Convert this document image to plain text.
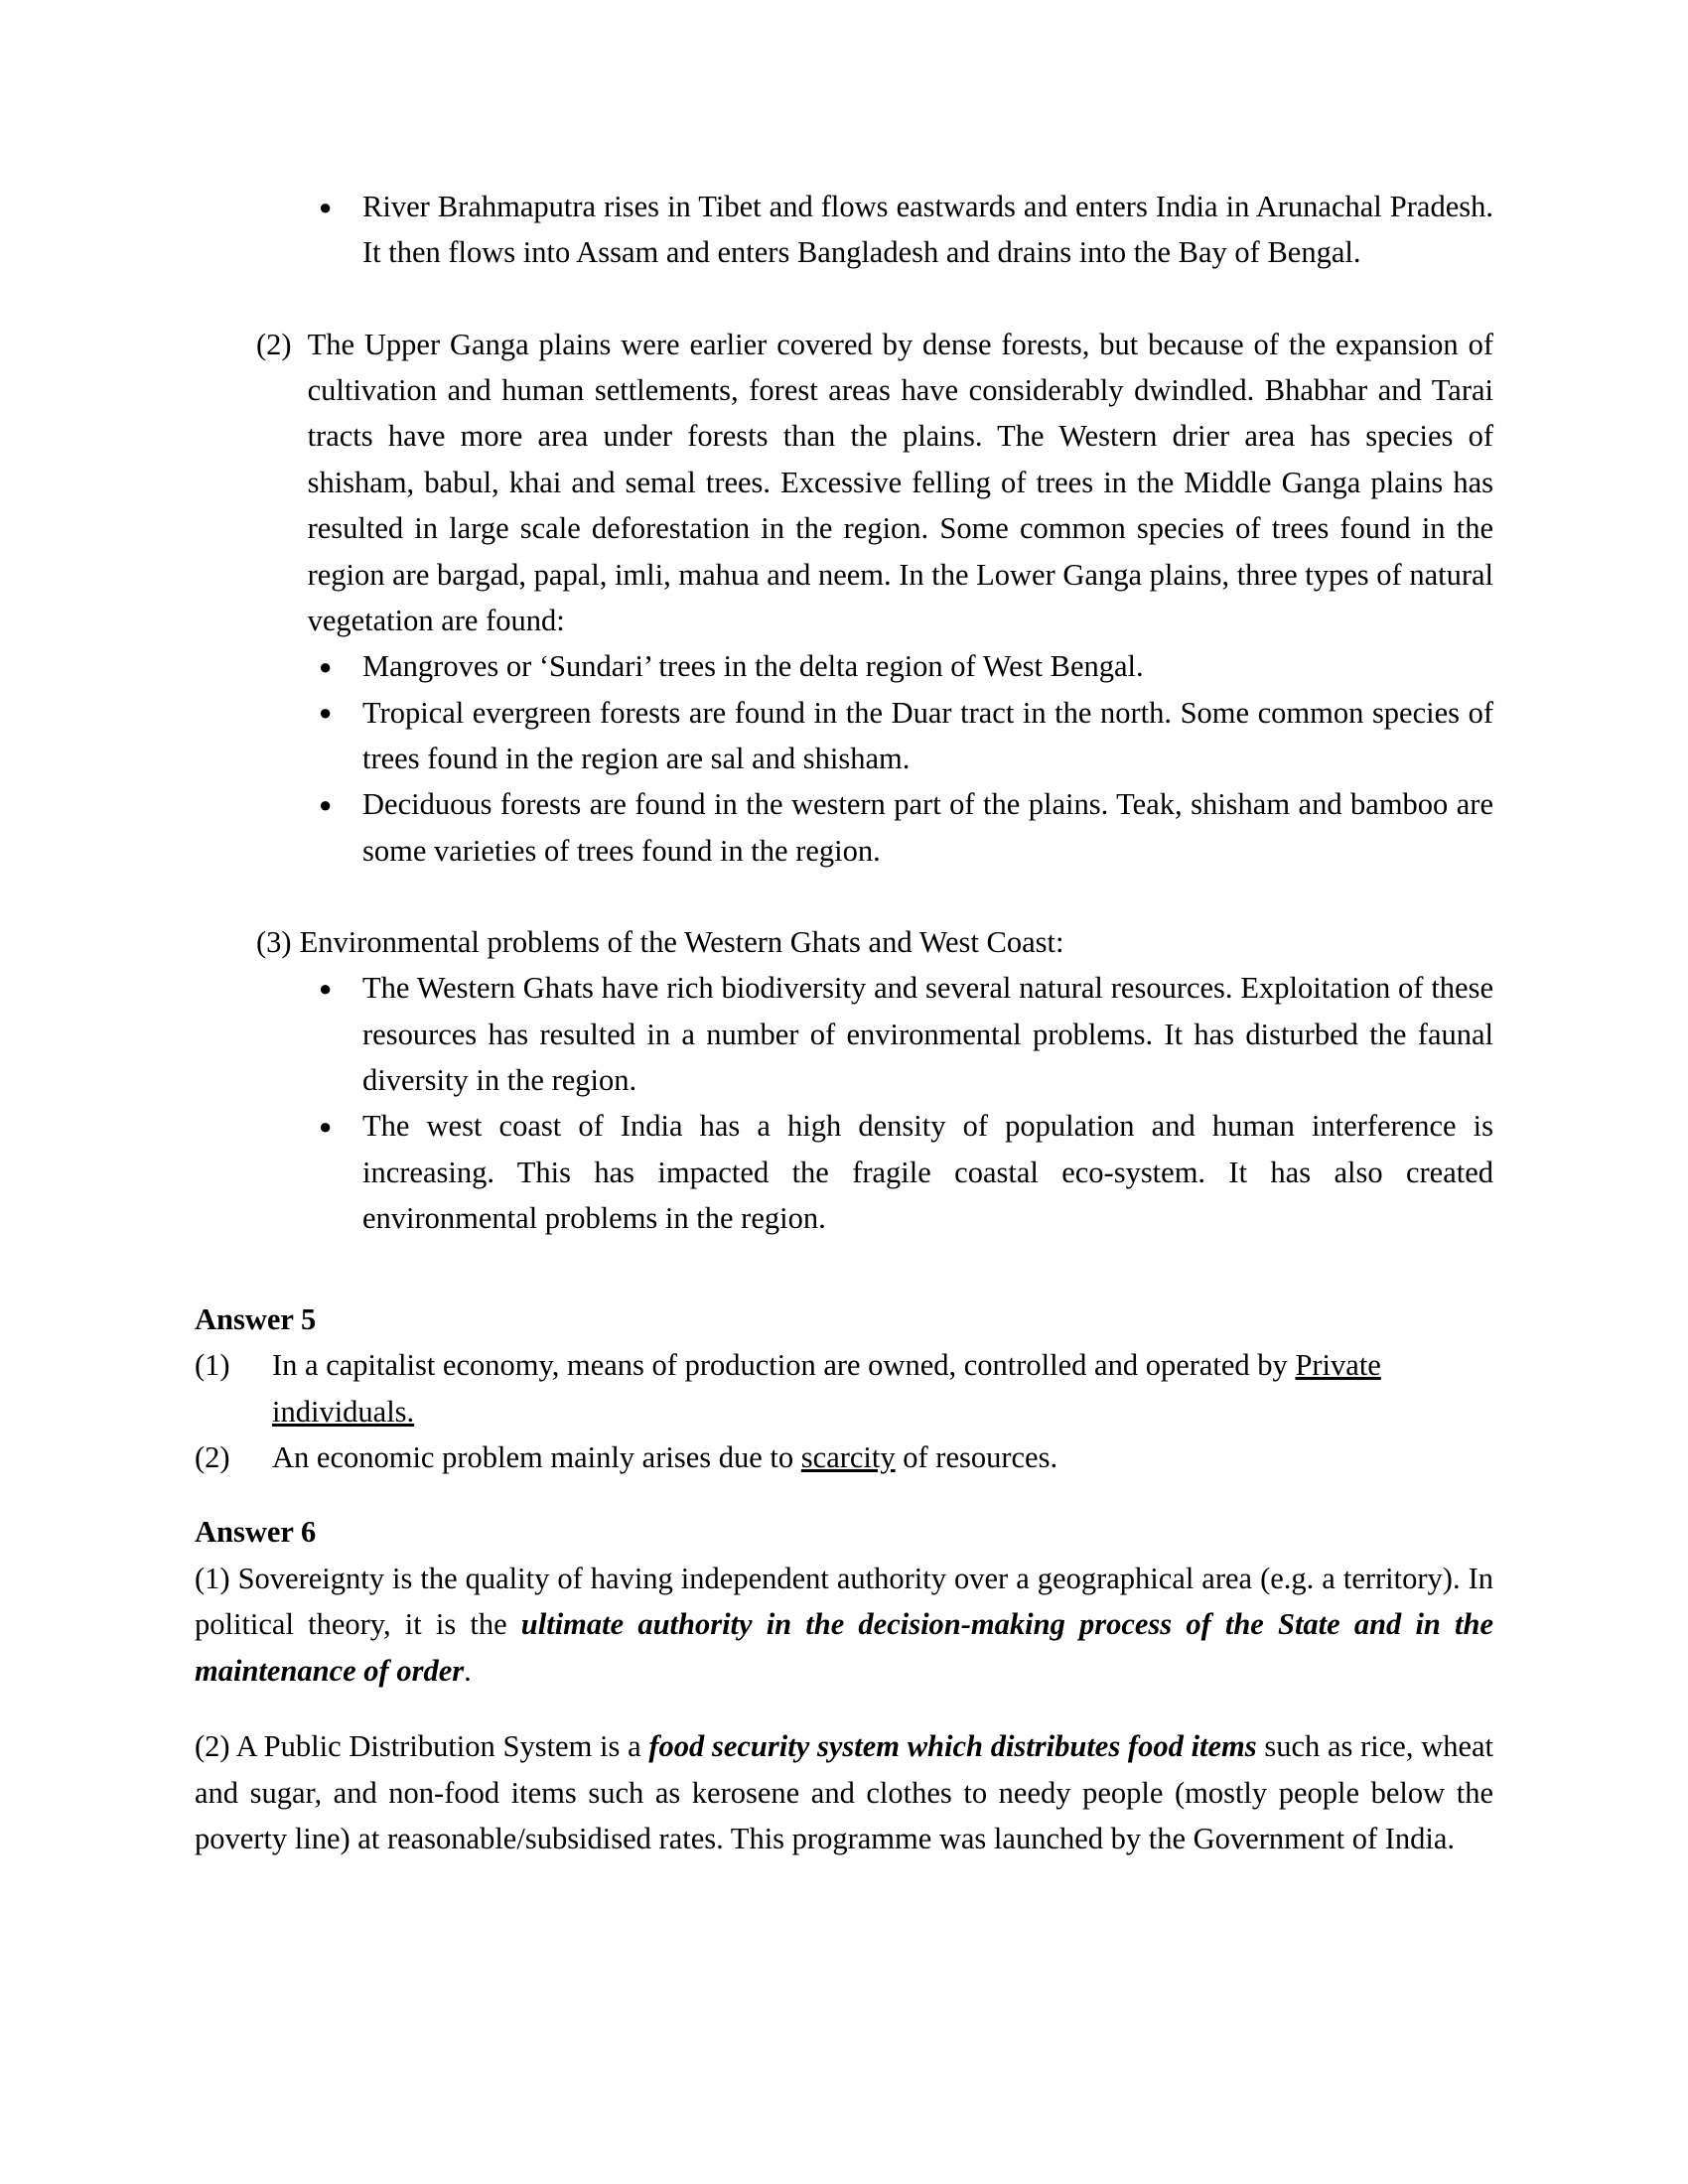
●	River Brahmaputra rises in Tibet and flows eastwards and enters India in Arunachal Pradesh. It then flows into Assam and enters Bangladesh and drains into the Bay of Bengal.
(2) The Upper Ganga plains were earlier covered by dense forests, but because of the expansion of cultivation and human settlements, forest areas have considerably dwindled. Bhabhar and Tarai tracts have more area under forests than the plains. The Western drier area has species of shisham, babul, khai and semal trees. Excessive felling of trees in the Middle Ganga plains has resulted in large scale deforestation in the region. Some common species of trees found in the region are bargad, papal, imli, mahua and neem. In the Lower Ganga plains, three types of natural vegetation are found:
●	Mangroves or ‘Sundari’ trees in the delta region of West Bengal.
●	Tropical evergreen forests are found in the Duar tract in the north. Some common species of trees found in the region are sal and shisham.
●	Deciduous forests are found in the western part of the plains. Teak, shisham and bamboo are some varieties of trees found in the region.
(3) Environmental problems of the Western Ghats and West Coast:
●	The Western Ghats have rich biodiversity and several natural resources. Exploitation of these resources has resulted in a number of environmental problems. It has disturbed the faunal diversity in the region.
●	The west coast of India has a high density of population and human interference is increasing. This has impacted the fragile coastal eco-system. It has also created environmental problems in the region.
Answer 5
(1)	In a capitalist economy, means of production are owned, controlled and operated by Private individuals.
(2)	An economic problem mainly arises due to scarcity of resources.
Answer 6

(1) Sovereignty is the quality of having independent authority over a geographical area (e.g. a territory). In political theory, it is the ultimate authority in the decision-making process of the State and in the maintenance of order.

(2) A Public Distribution System is a food security system which distributes food items such as rice, wheat and sugar, and non-food items such as kerosene and clothes to needy people (mostly people below the poverty line) at reasonable/subsidised rates. This programme was launched by the Government of India.
